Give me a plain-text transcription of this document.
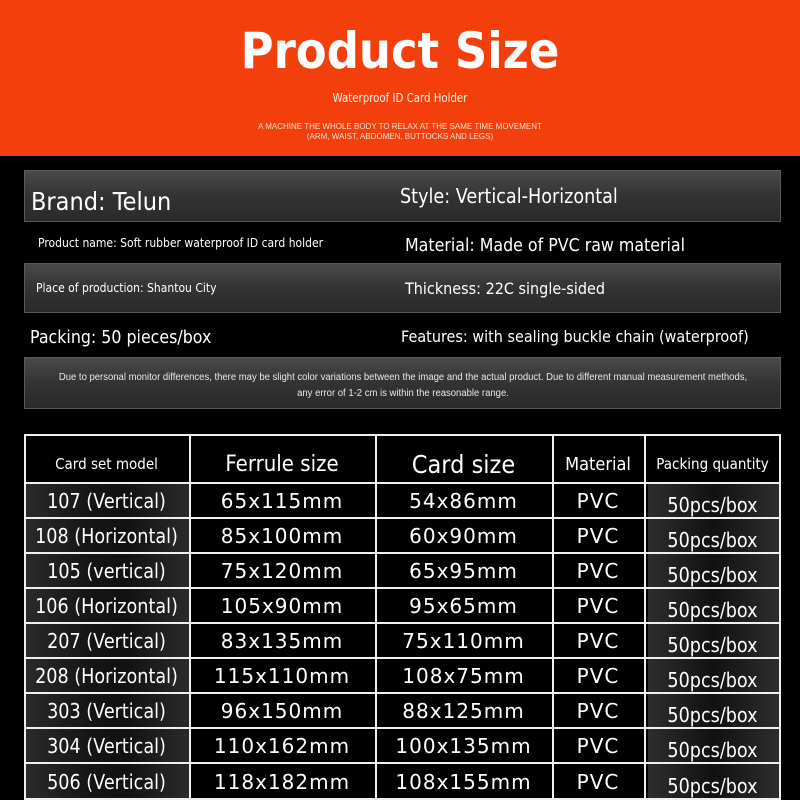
Product Size
Waterproof ID Card Holder
A MACHINE THE WHOLE BODY TO RELAX AT THE SAME TIME MOVEMENT
(ARM, WAIST, ABDOMEN, BUTTOCKS AND LEGS)
Brand: Telun	Style: Vertical-Horizontal
Product name: Soft rubber waterproof ID card holder	Material: Made of PVC raw material
Place of production: Shantou City	Thickness: 22C single-sided
Packing: 50 pieces/box	Features: with sealing buckle chain (waterproof)
Due to personal monitor differences, there may be slight color variations between the image and the actual product. Due to different manual measurement methods, any error of 1-2 cm is within the reasonable range.
Card set model	Ferrule size	Card size	Material	Packing quantity
107 (Vertical)	65x115mm	54x86mm	PVC	50pcs/box
108 (Horizontal)	85x100mm	60x90mm	PVC	50pcs/box
105 (vertical)	75x120mm	65x95mm	PVC	50pcs/box
106 (Horizontal)	105x90mm	95x65mm	PVC	50pcs/box
207 (Vertical)	83x135mm	75x110mm	PVC	50pcs/box
208 (Horizontal)	115x110mm	108x75mm	PVC	50pcs/box
303 (Vertical)	96x150mm	88x125mm	PVC	50pcs/box
304 (Vertical)	110x162mm	100x135mm	PVC	50pcs/box
506 (Vertical)	118x182mm	108x155mm	PVC	50pcs/box
